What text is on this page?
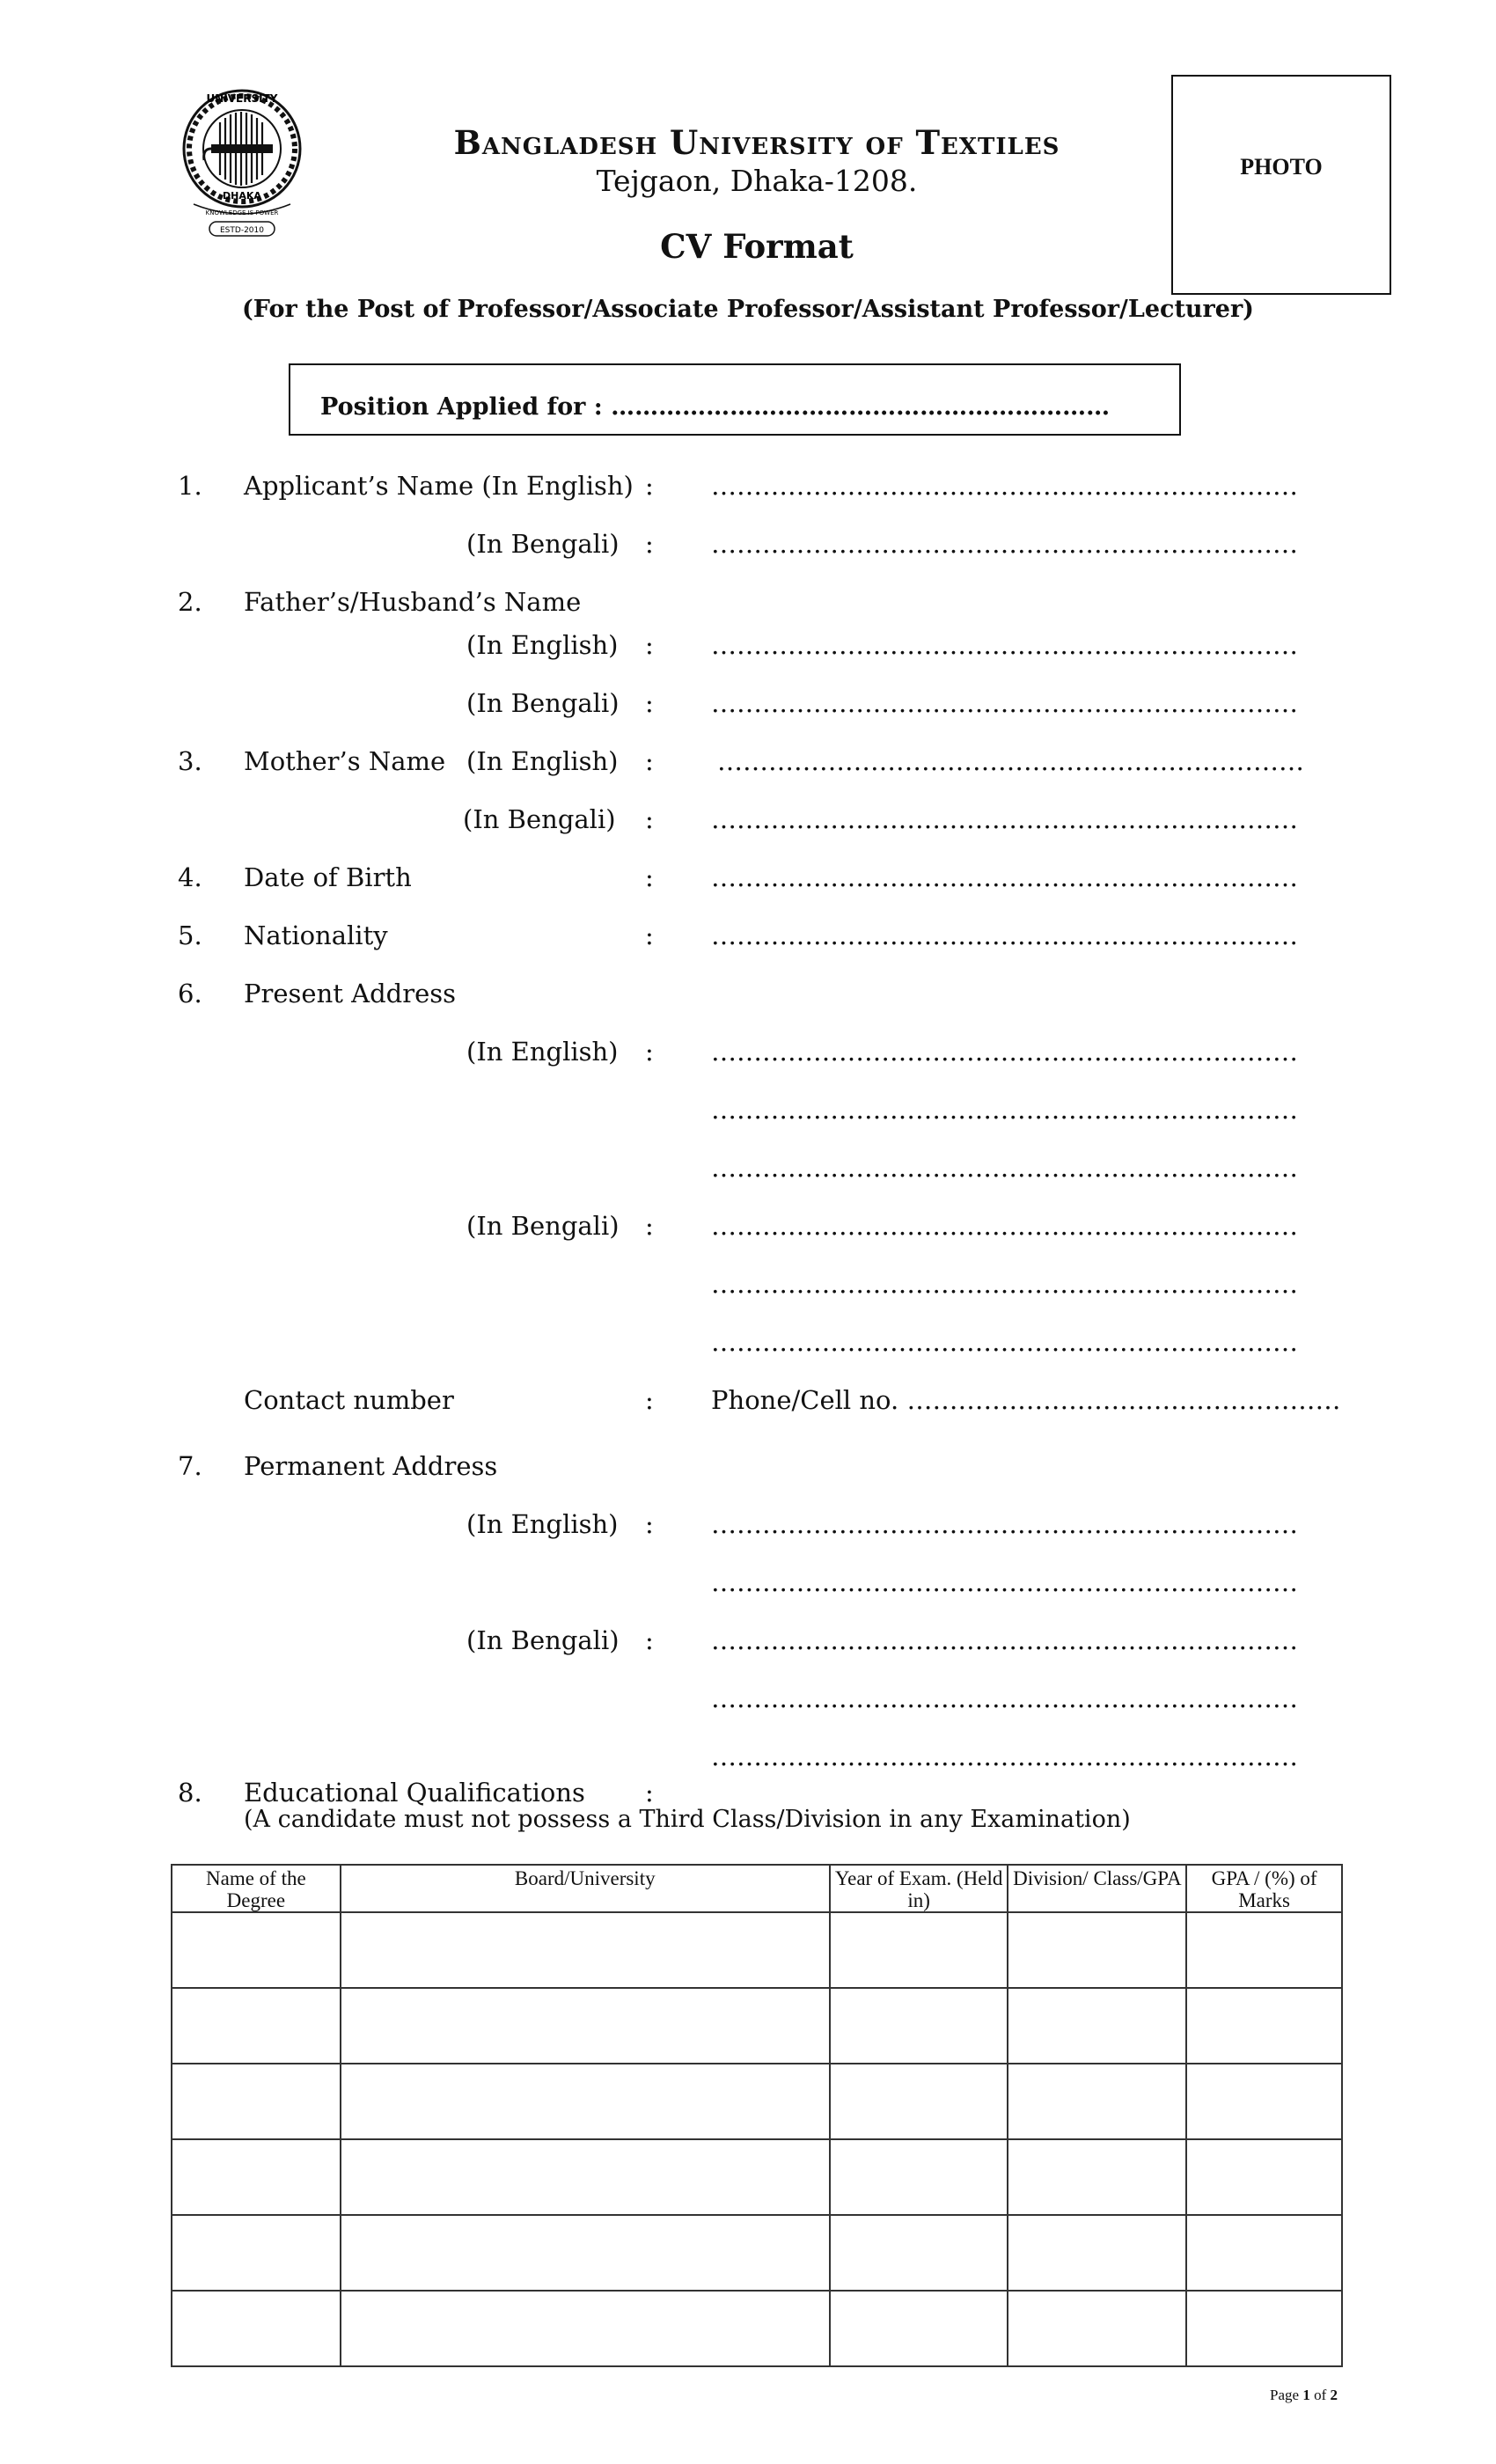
UNIVERSITY
DHAKA
KNOWLEDGE IS POWER
ESTD-2010
Bangladesh University of Textiles
Tejgaon, Dhaka-1208.	PHOTO
CV Format
(For the Post of Professor/Associate Professor/Assistant Professor/Lecturer)
Position Applied for : ………………………………………………………
1. Applicant’s Name (In English) : ……………………………………………………………
(In Bengali) : ……………………………………………………………
2. Father’s/Husband’s Name
(In English) : ……………………………………………………………
(In Bengali) : ……………………………………………………………
3. Mother’s Name (In English) : ……………………………………………………………
(In Bengali) : ……………………………………………………………
4. Date of Birth	: ……………………………………………………………
5. Nationality	: ……………………………………………………………
6. Present Address
(In English) : ……………………………………………………………
……………………………………………………………
……………………………………………………………
(In Bengali) : ……………………………………………………………
……………………………………………………………
……………………………………………………………
Contact number	: Phone/Cell no. ……………………………………………
7. Permanent Address
(In English) : ……………………………………………………………
……………………………………………………………
(In Bengali) : ……………………………………………………………
……………………………………………………………
……………………………………………………………
8. Educational Qualifications :
(A candidate must not possess a Third Class/Division in any Examination)
Name of the Degree	Board/University	Year of Exam. (Held in)	Division/ Class/GPA	GPA / (%) of Marks

Page 1 of 2
